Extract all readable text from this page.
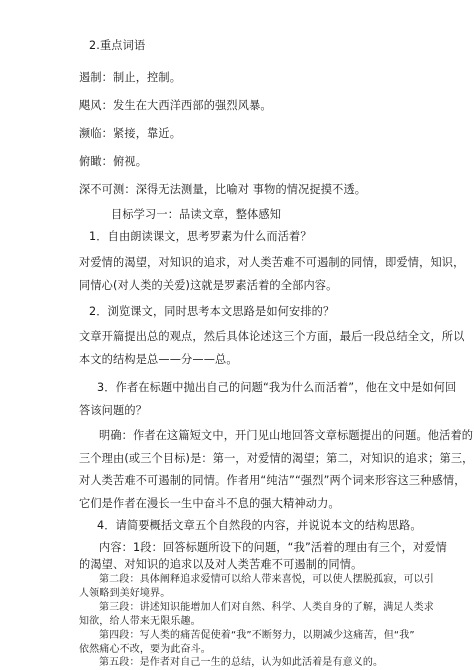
2.重点词语
遏制：制止，控制。
飓风：发生在大西洋西部的强烈风暴。
濒临：紧接，靠近。
俯瞰：俯视。
深不可测：深得无法测量，比喻对 事物的情况捉摸不透。
目标学习一：品读文章，整体感知
1．自由朗读课文，思考罗素为什么而活着？
对爱情的渴望，对知识的追求，对人类苦难不可遏制的同情，即爱情，知识，
同情心(对人类的关爱)这就是罗素活着的全部内容。
2．浏览课文，同时思考本文思路是如何安排的？
文章开篇提出总的观点，然后具体论述这三个方面，最后一段总结全文，所以
本文的结构是总——分——总。
3．作者在标题中抛出自己的问题“我为什么而活着”，他在文中是如何回
答该问题的？
明确：作者在这篇短文中，开门见山地回答文章标题提出的问题。他活着的
三个理由(或三个目标)是：第一，对爱情的渴望；第二，对知识的追求；第三，
对人类苦难不可遏制的同情。作者用“纯洁”“强烈”两个词来形容这三种感情，
它们是作者在漫长一生中奋斗不息的强大精神动力。
4．请简要概括文章五个自然段的内容，并说说本文的结构思路。
内容：1段：回答标题所设下的问题，“我”活着的理由有三个，对爱情
的渴望、对知识的追求以及对人类苦难不可遏制的同情。
第二段：具体阐释追求爱情可以给人带来喜悦，可以使人摆脱孤寂，可以引
人领略到美好境界。
第三段：讲述知识能增加人们对自然、科学、人类自身的了解，满足人类求
知欲，给人带来无限乐趣。
第四段：写人类的痛苦促使着“我”不断努力，以期减少这痛苦，但“我”
依然痛心不改，要为此奋斗。
第五段：是作者对自己一生的总结，认为如此活着是有意义的。
